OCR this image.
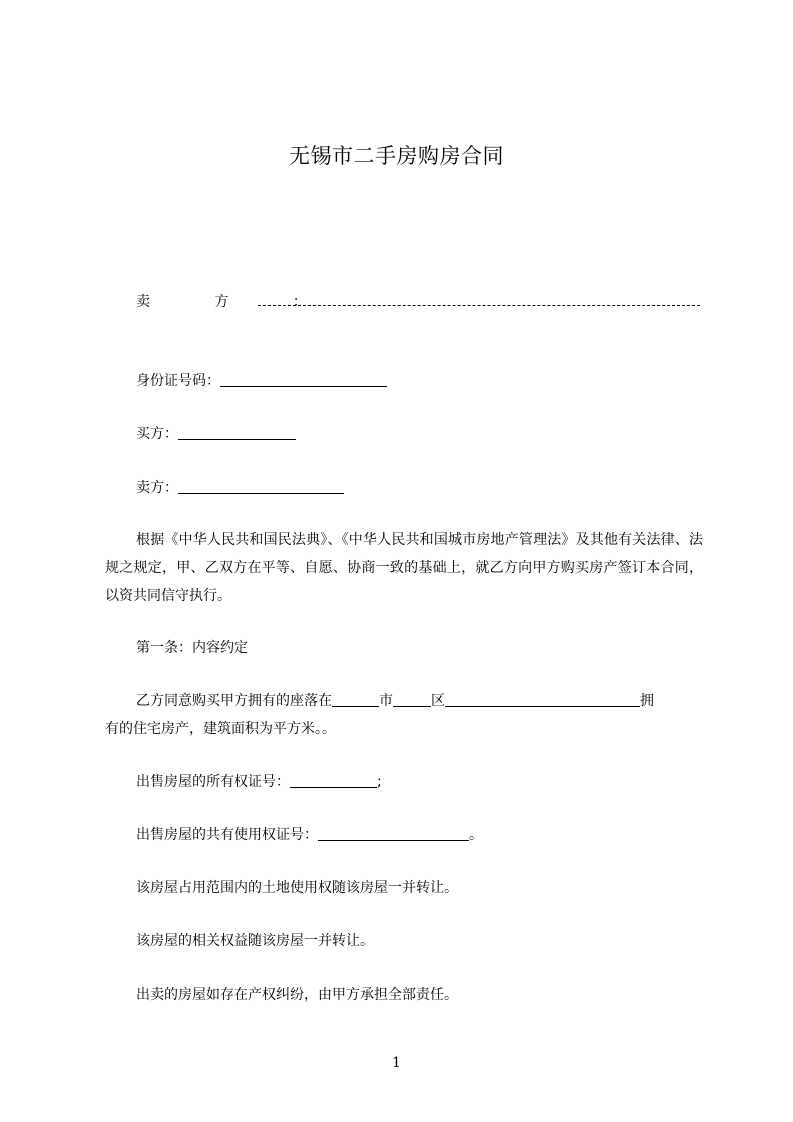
无锡市二手房购房合同
卖 方 ：
身份证号码：
买方：
卖方：
根据《中华人民共和国民法典》、《中华人民共和国城市房地产管理法》及其他有关法律、法规之规定，甲、乙双方在平等、自愿、协商一致的基础上，就乙方向甲方购买房产签订本合同，以资共同信守执行。
第一条：内容约定
乙方同意购买甲方拥有的座落在	市	区	拥
有的住宅房产，建筑面积为平方米。。
出售房屋的所有权证号：	;
出售房屋的共有使用权证号：	。
该房屋占用范围内的土地使用权随该房屋一并转让。
该房屋的相关权益随该房屋一并转让。
出卖的房屋如存在产权纠纷，由甲方承担全部责任。
1
